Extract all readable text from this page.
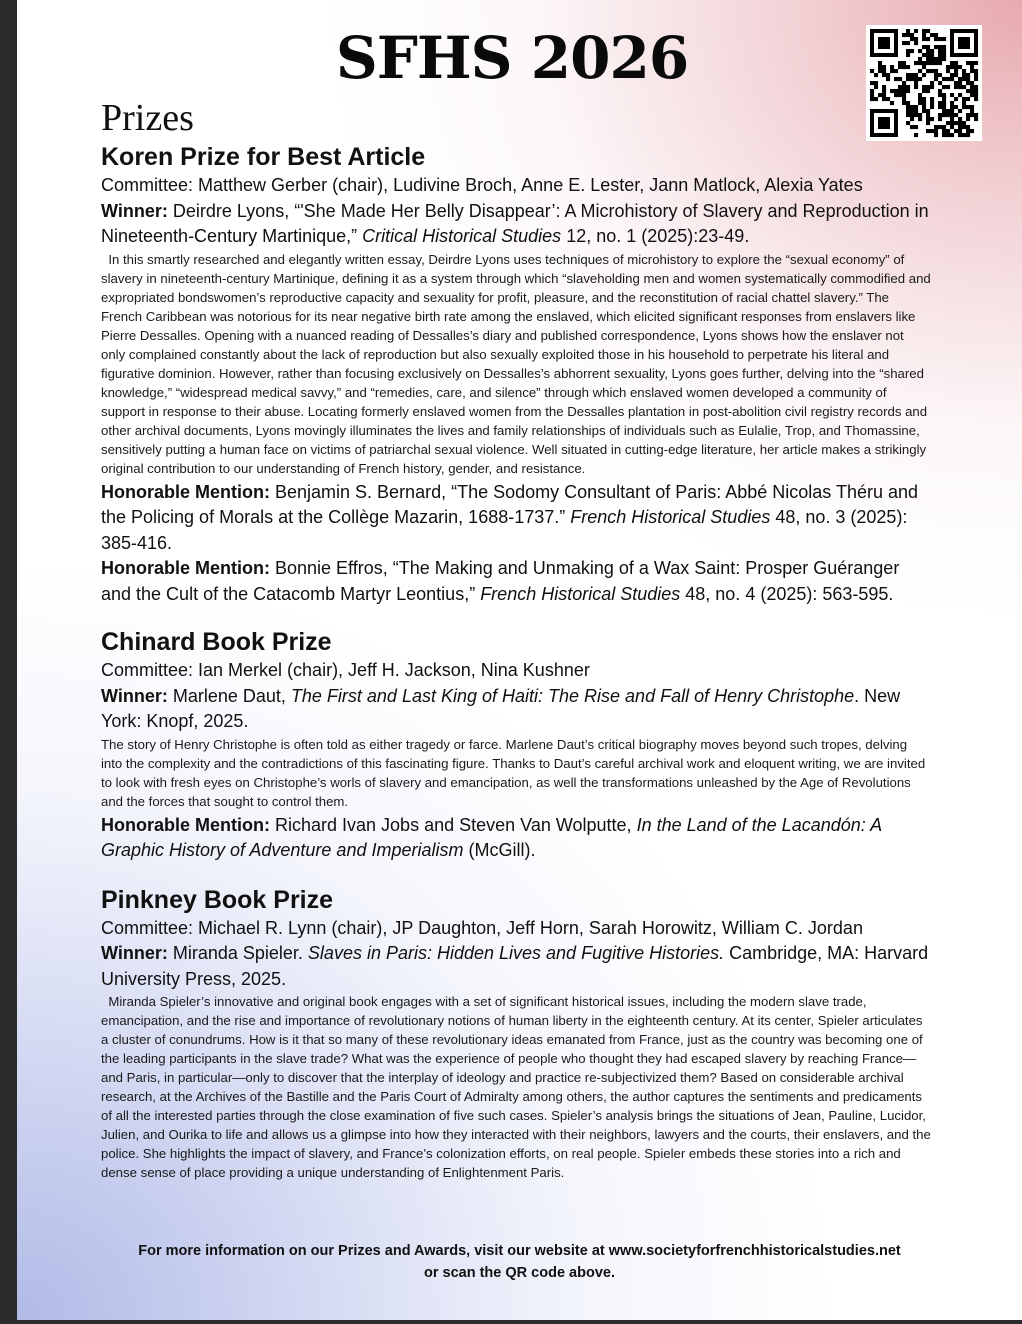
SFHS 2026
Prizes
Koren Prize for Best Article

Committee: Matthew Gerber (chair), Ludivine Broch, Anne E. Lester, Jann Matlock, Alexia Yates

Winner: Deirdre Lyons, “'She Made Her Belly Disappear’: A Microhistory of Slavery and Reproduction in Nineteenth-Century Martinique,” Critical Historical Studies 12, no. 1 (2025):23-49.

In this smartly researched and elegantly written essay, Deirdre Lyons uses techniques of microhistory to explore the “sexual economy” of slavery in nineteenth-century Martinique, defining it as a system through which “slaveholding men and women systematically commodified and expropriated bondswomen’s reproductive capacity and sexuality for profit, pleasure, and the reconstitution of racial chattel slavery.” The French Caribbean was notorious for its near negative birth rate among the enslaved, which elicited significant responses from enslavers like Pierre Dessalles. Opening with a nuanced reading of Dessalles’s diary and published correspondence, Lyons shows how the enslaver not only complained constantly about the lack of reproduction but also sexually exploited those in his household to perpetrate his literal and figurative dominion. However, rather than focusing exclusively on Dessalles’s abhorrent sexuality, Lyons goes further, delving into the “shared knowledge,” “widespread medical savvy,” and “remedies, care, and silence” through which enslaved women developed a community of support in response to their abuse. Locating formerly enslaved women from the Dessalles plantation in post-abolition civil registry records and other archival documents, Lyons movingly illuminates the lives and family relationships of individuals such as Eulalie, Trop, and Thomassine, sensitively putting a human face on victims of patriarchal sexual violence. Well situated in cutting-edge literature, her article makes a strikingly original contribution to our understanding of French history, gender, and resistance.

Honorable Mention: Benjamin S. Bernard, “The Sodomy Consultant of Paris: Abbé Nicolas Théru and the Policing of Morals at the Collège Mazarin, 1688-1737.” French Historical Studies 48, no. 3 (2025): 385-416.

Honorable Mention: Bonnie Effros, “The Making and Unmaking of a Wax Saint: Prosper Guéranger and the Cult of the Catacomb Martyr Leontius,” French Historical Studies 48, no. 4 (2025): 563-595.

Chinard Book Prize

Committee: Ian Merkel (chair), Jeff H. Jackson, Nina Kushner

Winner: Marlene Daut, The First and Last King of Haiti: The Rise and Fall of Henry Christophe. New York: Knopf, 2025.

The story of Henry Christophe is often told as either tragedy or farce. Marlene Daut’s critical biography moves beyond such tropes, delving into the complexity and the contradictions of this fascinating figure. Thanks to Daut’s careful archival work and eloquent writing, we are invited to look with fresh eyes on Christophe’s worls of slavery and emancipation, as well the transformations unleashed by the Age of Revolutions and the forces that sought to control them.

Honorable Mention: Richard Ivan Jobs and Steven Van Wolputte, In the Land of the Lacandón: A Graphic History of Adventure and Imperialism (McGill).

Pinkney Book Prize

Committee: Michael R. Lynn (chair), JP Daughton, Jeff Horn, Sarah Horowitz, William C. Jordan

Winner: Miranda Spieler. Slaves in Paris: Hidden Lives and Fugitive Histories. Cambridge, MA: Harvard University Press, 2025.

Miranda Spieler’s innovative and original book engages with a set of significant historical issues, including the modern slave trade, emancipation, and the rise and importance of revolutionary notions of human liberty in the eighteenth century. At its center, Spieler articulates a cluster of conundrums. How is it that so many of these revolutionary ideas emanated from France, just as the country was becoming one of the leading participants in the slave trade? What was the experience of people who thought they had escaped slavery by reaching France—and Paris, in particular—only to discover that the interplay of ideology and practice re-subjectivized them? Based on considerable archival research, at the Archives of the Bastille and the Paris Court of Admiralty among others, the author captures the sentiments and predicaments of all the interested parties through the close examination of five such cases. Spieler’s analysis brings the situations of Jean, Pauline, Lucidor, Julien, and Ourika to life and allows us a glimpse into how they interacted with their neighbors, lawyers and the courts, their enslavers, and the police. She highlights the impact of slavery, and France’s colonization efforts, on real people. Spieler embeds these stories into a rich and dense sense of place providing a unique understanding of Enlightenment Paris.

For more information on our Prizes and Awards, visit our website at www.societyforfrenchhistoricalstudies.net
or scan the QR code above.
